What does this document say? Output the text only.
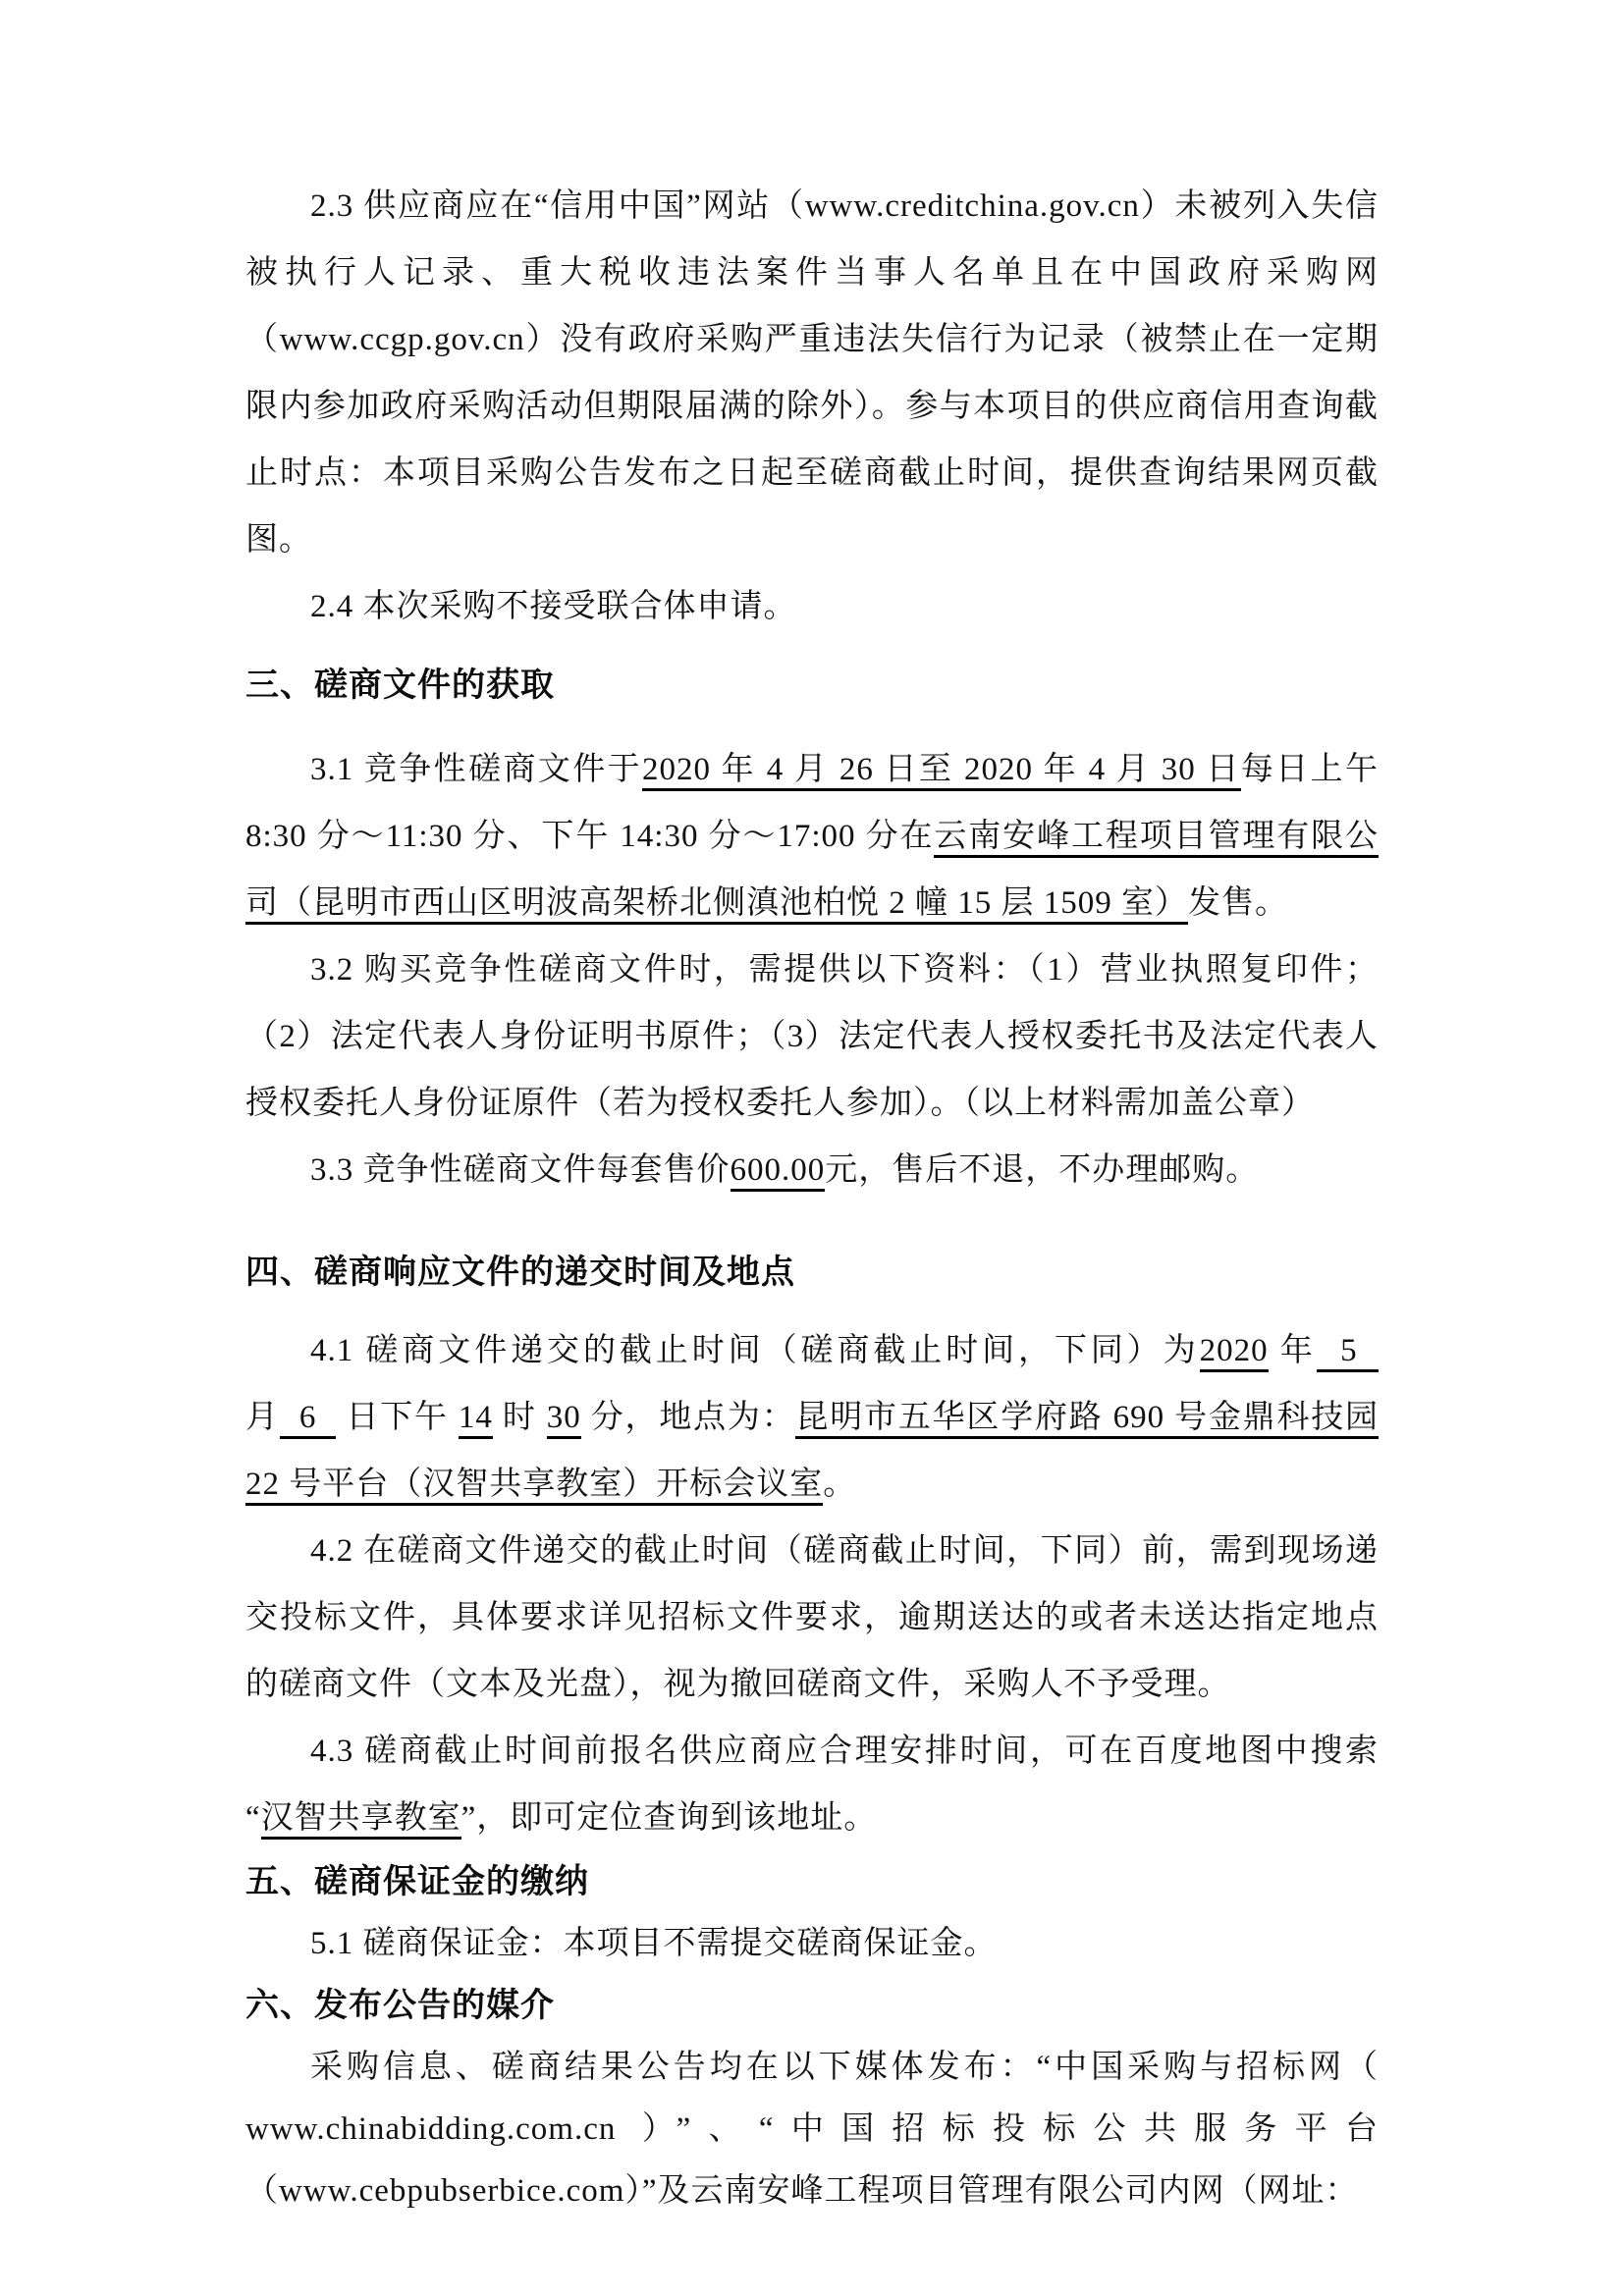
2.3 供应商应在“信用中国”网站（www.creditchina.gov.cn）未被列入失信被执行人记录、重大税收违法案件当事人名单且在中国政府采购网（www.ccgp.gov.cn）没有政府采购严重违法失信行为记录（被禁止在一定期限内参加政府采购活动但期限届满的除外）。参与本项目的供应商信用查询截止时点：本项目采购公告发布之日起至磋商截止时间，提供查询结果网页截图。

2.4 本次采购不接受联合体申请。

三、磋商文件的获取

3.1 竞争性磋商文件于2020 年 4 月 26 日至 2020 年 4 月 30 日每日上午 8:30 分～11:30 分、下午 14:30 分～17:00 分在云南安峰工程项目管理有限公司（昆明市西山区明波高架桥北侧滇池柏悦 2 幢 15 层 1509 室）发售。

3.2 购买竞争性磋商文件时，需提供以下资料：（1）营业执照复印件；（2）法定代表人身份证明书原件；（3）法定代表人授权委托书及法定代表人授权委托人身份证原件（若为授权委托人参加）。（以上材料需加盖公章）

3.3 竞争性磋商文件每套售价600.00元，售后不退，不办理邮购。

四、磋商响应文件的递交时间及地点

4.1 磋商文件递交的截止时间（磋商截止时间，下同）为2020 年  5   月  6   日下午 14 时 30 分，地点为：昆明市五华区学府路 690 号金鼎科技园 22 号平台（汉智共享教室）开标会议室。

4.2 在磋商文件递交的截止时间（磋商截止时间，下同）前，需到现场递交投标文件，具体要求详见招标文件要求，逾期送达的或者未送达指定地点的磋商文件（文本及光盘），视为撤回磋商文件，采购人不予受理。

4.3 磋商截止时间前报名供应商应合理安排时间，可在百度地图中搜索“汉智共享教室”，即可定位查询到该地址。

五、磋商保证金的缴纳

5.1 磋商保证金：本项目不需提交磋商保证金。

六、发布公告的媒介

采购信息、磋商结果公告均在以下媒体发布：“中国采购与招标网（ www.chinabidding.com.cn ）”、“中国招标投标公共服务平台（www.cebpubserbice.com）”及云南安峰工程项目管理有限公司内网（网址：
